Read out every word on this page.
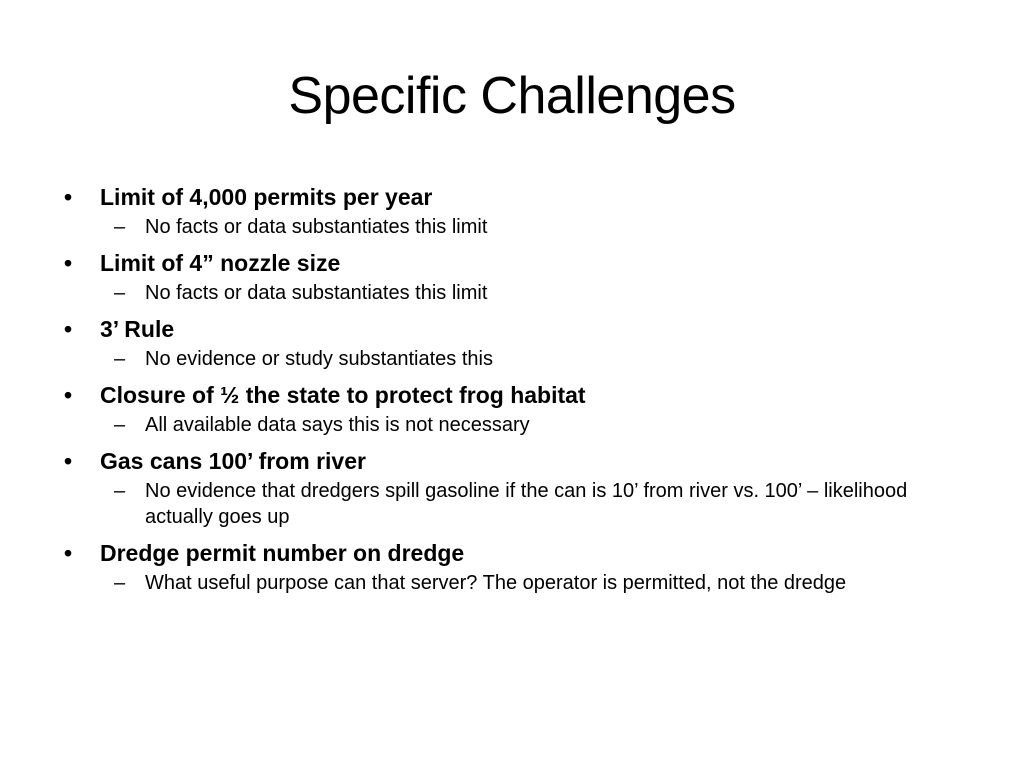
Specific Challenges
•	Limit of 4,000 permits per year
– No facts or data substantiates this limit
•	Limit of 4” nozzle size
– No facts or data substantiates this limit
•	3’ Rule
– No evidence or study substantiates this
•	Closure of ½ the state to protect frog habitat
– All available data says this is not necessary
•	Gas cans 100’ from river
– No evidence that dredgers spill gasoline if the can is 10’ from river vs. 100’ – likelihood actually goes up
•	Dredge permit number on dredge
– What useful purpose can that server? The operator is permitted, not the dredge
